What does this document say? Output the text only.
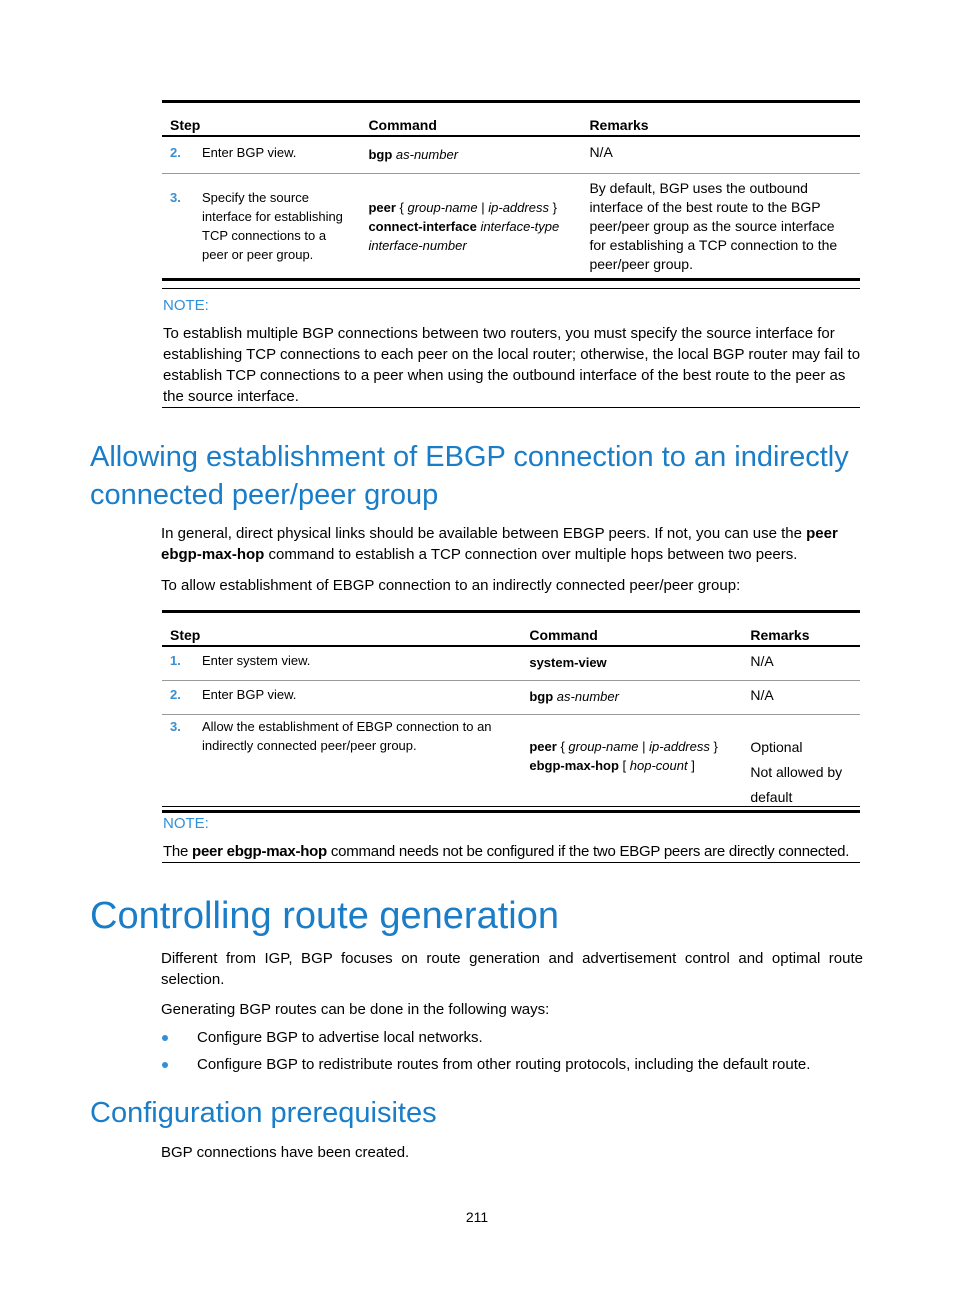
Step		Command	Remarks
2.	Enter BGP view.	bgp as-number	N/A
3.	Specify the source interface for establishing TCP connections to a peer or peer group.	peer { group-name | ip-address }
connect-interface interface-type
interface-number	By default, BGP uses the outbound interface of the best route to the BGP peer/peer group as the source interface for establishing a TCP connection to the peer/peer group.
NOTE:
To establish multiple BGP connections between two routers, you must specify the source interface for establishing TCP connections to each peer on the local router; otherwise, the local BGP router may fail to establish TCP connections to a peer when using the outbound interface of the best route to the peer as the source interface.
Allowing establishment of EBGP connection to an indirectly
connected peer/peer group
In general, direct physical links should be available between EBGP peers. If not, you can use the peer
ebgp-max-hop command to establish a TCP connection over multiple hops between two peers.
To allow establishment of EBGP connection to an indirectly connected peer/peer group:
Step		Command	Remarks
1.	Enter system view.	system-view	N/A
2.	Enter BGP view.	bgp as-number	N/A
3.	Allow the establishment of EBGP connection to an indirectly connected peer/peer group.	peer { group-name | ip-address }
ebgp-max-hop [ hop-count ]	Optional
Not allowed by default
NOTE:
The peer ebgp-max-hop command needs not be configured if the two EBGP peers are directly connected.
Controlling route generation
Different from IGP, BGP focuses on route generation and advertisement control and optimal route selection.
Generating BGP routes can be done in the following ways:
Configure BGP to advertise local networks.
Configure BGP to redistribute routes from other routing protocols, including the default route.
Configuration prerequisites
BGP connections have been created.
211
